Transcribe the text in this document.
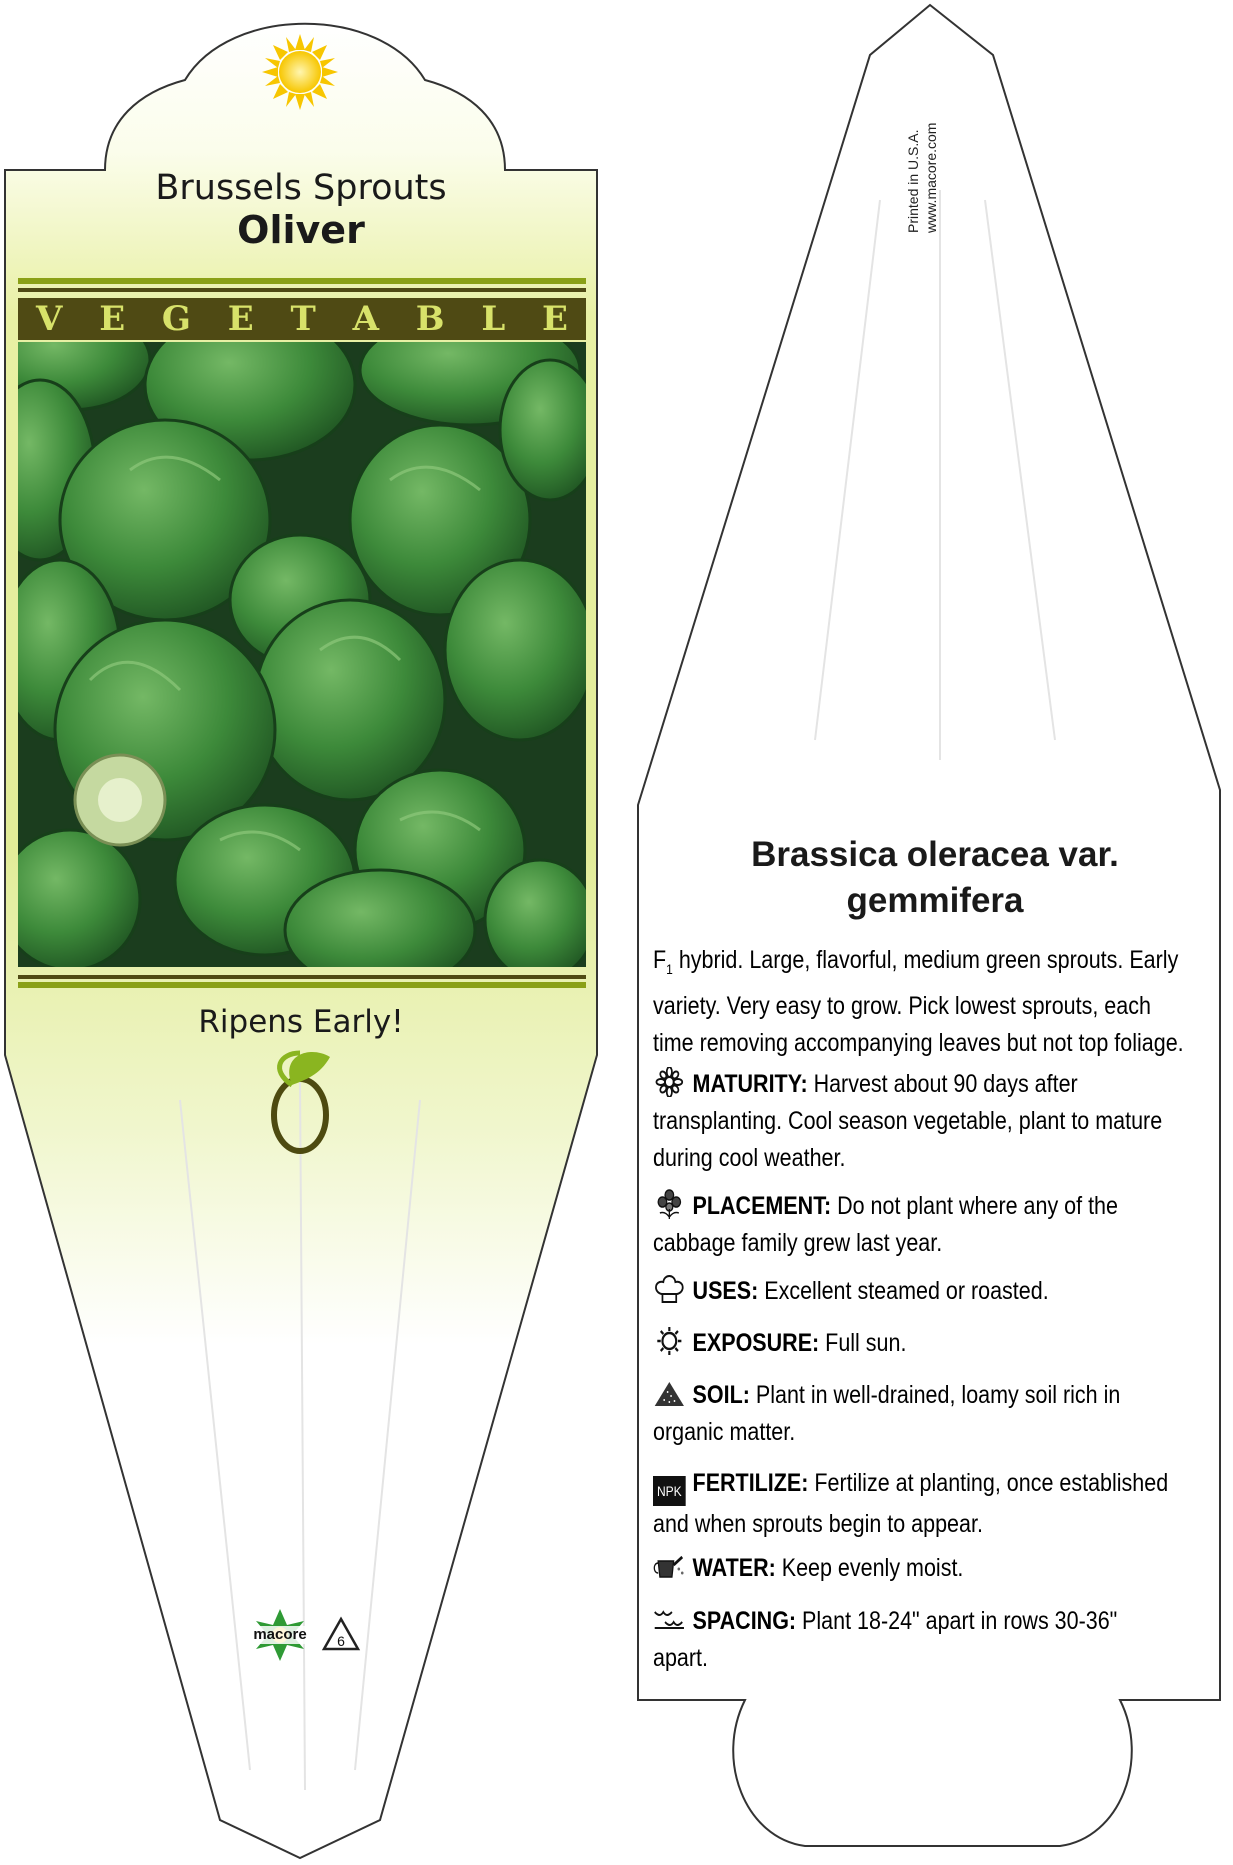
Brussels Sprouts
Oliver
V E G E T A B L E
Ripens Early!
macore	6
Printed in U.S.A. www.macore.com
Brassica oleracea var.
gemmifera
$F_1$ hybrid. Large, flavorful, medium green sprouts. Early
variety. Very easy to grow. Pick lowest sprouts, each
time removing accompanying leaves but not top foliage.
MATURITY: Harvest about 90 days after
transplanting. Cool season vegetable, plant to mature
during cool weather.
PLACEMENT: Do not plant where any of the
cabbage family grew last year.
USES: Excellent steamed or roasted.
EXPOSURE: Full sun.
SOIL: Plant in well-drained, loamy soil rich in
organic matter.
NPK FERTILIZE: Fertilize at planting, once established
and when sprouts begin to appear.
WATER: Keep evenly moist.
SPACING: Plant 18-24" apart in rows 30-36"
apart.
